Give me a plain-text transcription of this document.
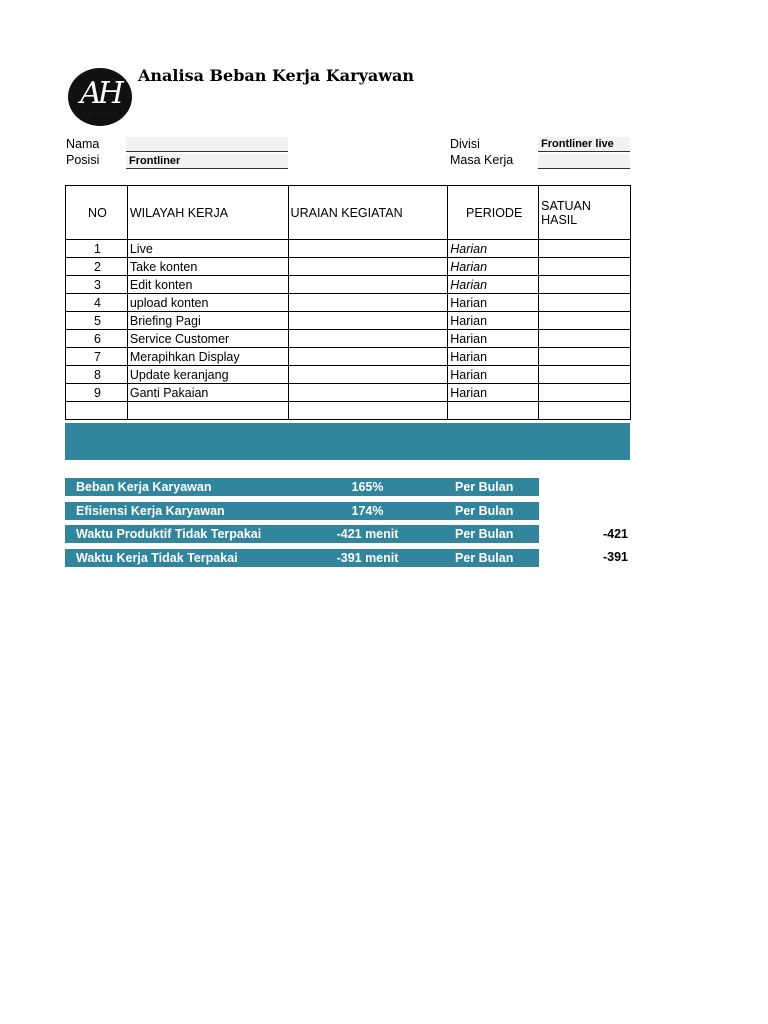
AH
· · · · · · · ·
Analisa Beban Kerja Karyawan
Nama
Posisi	Frontliner
Divisi	Frontliner live
Masa Kerja
NO	WILAYAH KERJA	URAIAN KEGIATAN	PERIODE	SATUAN HASIL
1	Live		Harian	
2	Take konten		Harian	
3	Edit konten		Harian	
4	upload konten		Harian	
5	Briefing Pagi		Harian	
6	Service Customer		Harian	
7	Merapihkan Display		Harian	
8	Update keranjang		Harian	
9	Ganti Pakaian		Harian	

Beban Kerja Karyawan	165%	Per Bulan
Efisiensi Kerja Karyawan	174%	Per Bulan
Waktu Produktif Tidak Terpakai	-421 menit	Per Bulan	-421
Waktu Kerja Tidak Terpakai	-391 menit	Per Bulan	-391
